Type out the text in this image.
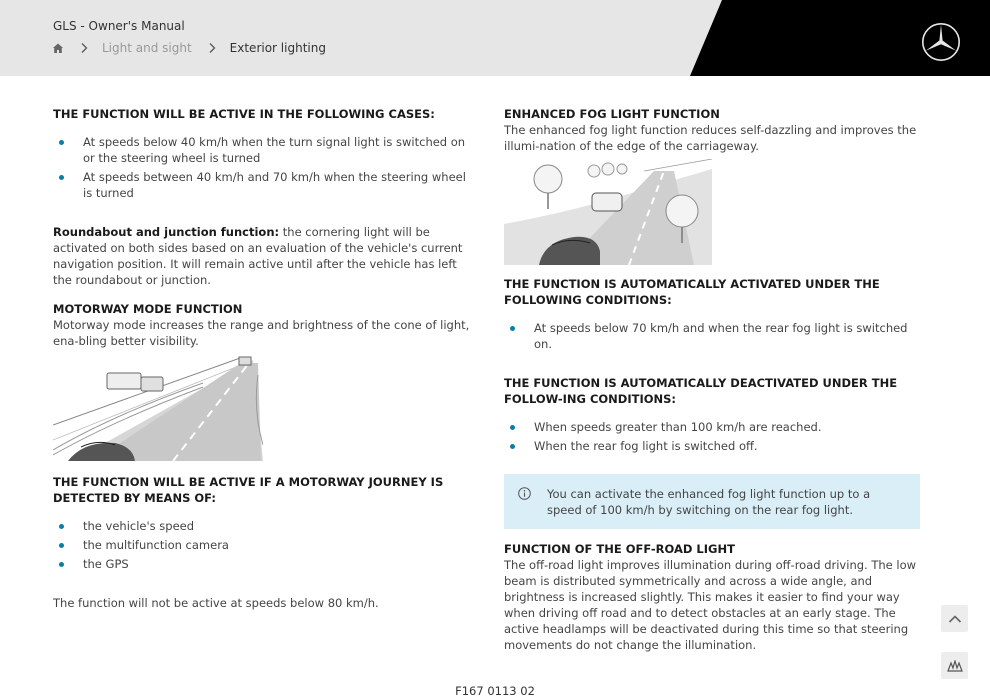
GLS - Owner's Manual
Light and sight	Exterior lighting
THE FUNCTION WILL BE ACTIVE IN THE FOLLOWING CASES:
At speeds below 40 km/h when the turn signal light is switched on or the steering wheel is turned
At speeds between 40 km/h and 70 km/h when the steering wheel is turned
Roundabout and junction function: the cornering light will be activated on both sides based on an evaluation of the vehicle's current navigation position. It will remain active until after the vehicle has left the roundabout or junction.
MOTORWAY MODE FUNCTION
Motorway mode increases the range and brightness of the cone of light, ena-bling better visibility.
THE FUNCTION WILL BE ACTIVE IF A MOTORWAY JOURNEY IS DETECTED BY MEANS OF:
the vehicle's speed
the multifunction camera
the GPS
The function will not be active at speeds below 80 km/h.
ENHANCED FOG LIGHT FUNCTION
The enhanced fog light function reduces self-dazzling and improves the illumi-nation of the edge of the carriageway.
THE FUNCTION IS AUTOMATICALLY ACTIVATED UNDER THE FOLLOWING CONDITIONS:
At speeds below 70 km/h and when the rear fog light is switched on.
THE FUNCTION IS AUTOMATICALLY DEACTIVATED UNDER THE FOLLOW-ING CONDITIONS:
When speeds greater than 100 km/h are reached.
When the rear fog light is switched off.
You can activate the enhanced fog light function up to a speed of 100 km/h by switching on the rear fog light.
FUNCTION OF THE OFF-ROAD LIGHT
The off-road light improves illumination during off-road driving. The low beam is distributed symmetrically and across a wide angle, and brightness is increased slightly. This makes it easier to find your way when driving off road and to detect obstacles at an early stage. The active headlamps will be deactivated during this time so that steering movements do not change the illumination.
F167 0113 02
